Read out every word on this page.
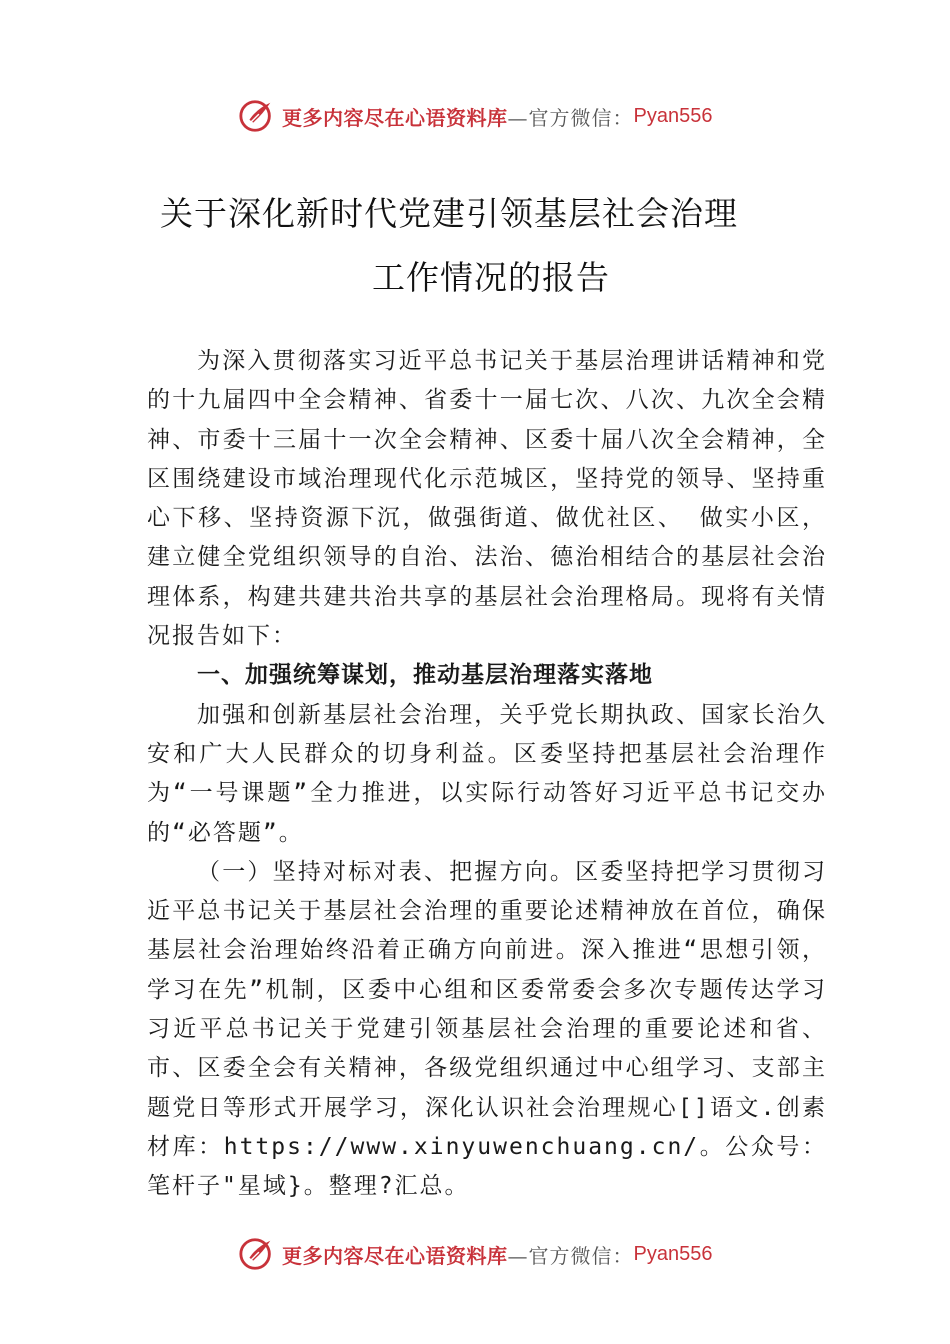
更多内容尽在心语资料库 —官方微信： Pyan556
关于深化新时代党建引领基层社会治理
工作情况的报告

为深入贯彻落实习近平总书记关于基层治理讲话精神和党的十九届四中全会精神、省委十一届七次、八次、九次全会精神、市委十三届十一次全会精神、区委十届八次全会精神，全区围绕建设市域治理现代化示范城区，坚持党的领导、坚持重心下移、坚持资源下沉，做强街道、做优社区、 做实小区，建立健全党组织领导的自治、法治、德治相结合的基层社会治理体系，构建共建共治共享的基层社会治理格局。现将有关情况报告如下：

一、加强统筹谋划，推动基层治理落实落地

加强和创新基层社会治理，关乎党长期执政、国家长治久安和广大人民群众的切身利益。区委坚持把基层社会治理作为“一号课题”全力推进，以实际行动答好习近平总书记交办的“必答题”。

（一）坚持对标对表、把握方向。区委坚持把学习贯彻习近平总书记关于基层社会治理的重要论述精神放在首位，确保基层社会治理始终沿着正确方向前进。深入推进“思想引领，学习在先”机制，区委中心组和区委常委会多次专题传达学习习近平总书记关于党建引领基层社会治理的重要论述和省、市、区委全会有关精神，各级党组织通过中心组学习、支部主题党日等形式开展学习，深化认识社会治理规心[]语文.创素材库：https://www.xinyuwenchuang.cn/。公众号：笔杆子"星域}。整理?汇总。

更多内容尽在心语资料库 —官方微信： Pyan556
